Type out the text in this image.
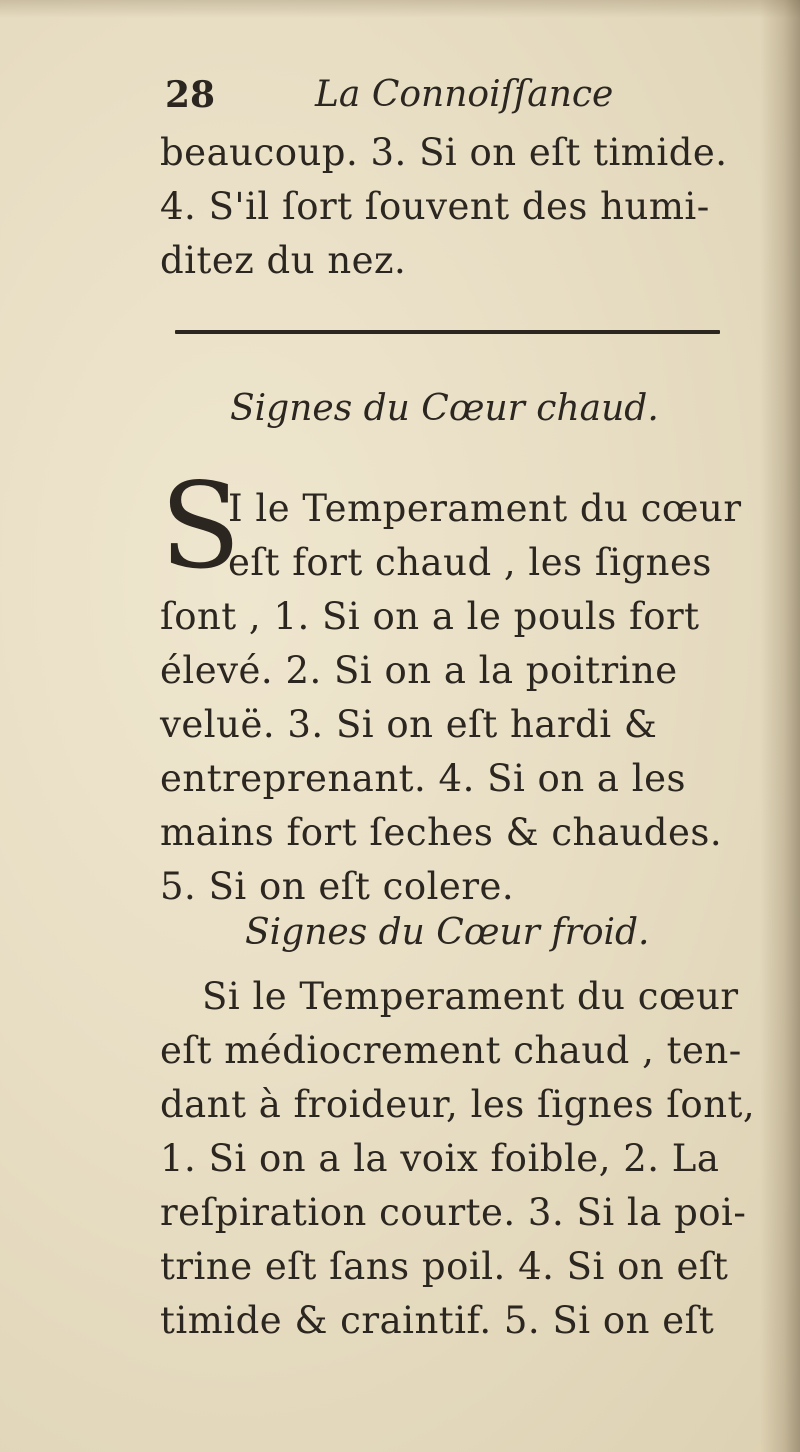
28	La Connoiſſance
beaucoup. 3. Si on eſt timide.
4. S'il ſort ſouvent des humi-
ditez du nez.
Signes du Cœur chaud.
S
I le Temperament du cœur
eſt fort chaud , les ſignes
ſont , 1. Si on a le pouls fort
élevé. 2. Si on a la poitrine
veluë. 3. Si on eſt hardi &
entreprenant. 4. Si on a les
mains fort ſeches & chaudes.
5. Si on eſt colere.
Signes du Cœur froid.
Si le Temperament du cœur
eſt médiocrement chaud , ten-
dant à froideur, les ſignes ſont,
1. Si on a la voix foible, 2. La
reſpiration courte. 3. Si la poi-
trine eſt ſans poil. 4. Si on eſt
timide & craintif. 5. Si on eſt
